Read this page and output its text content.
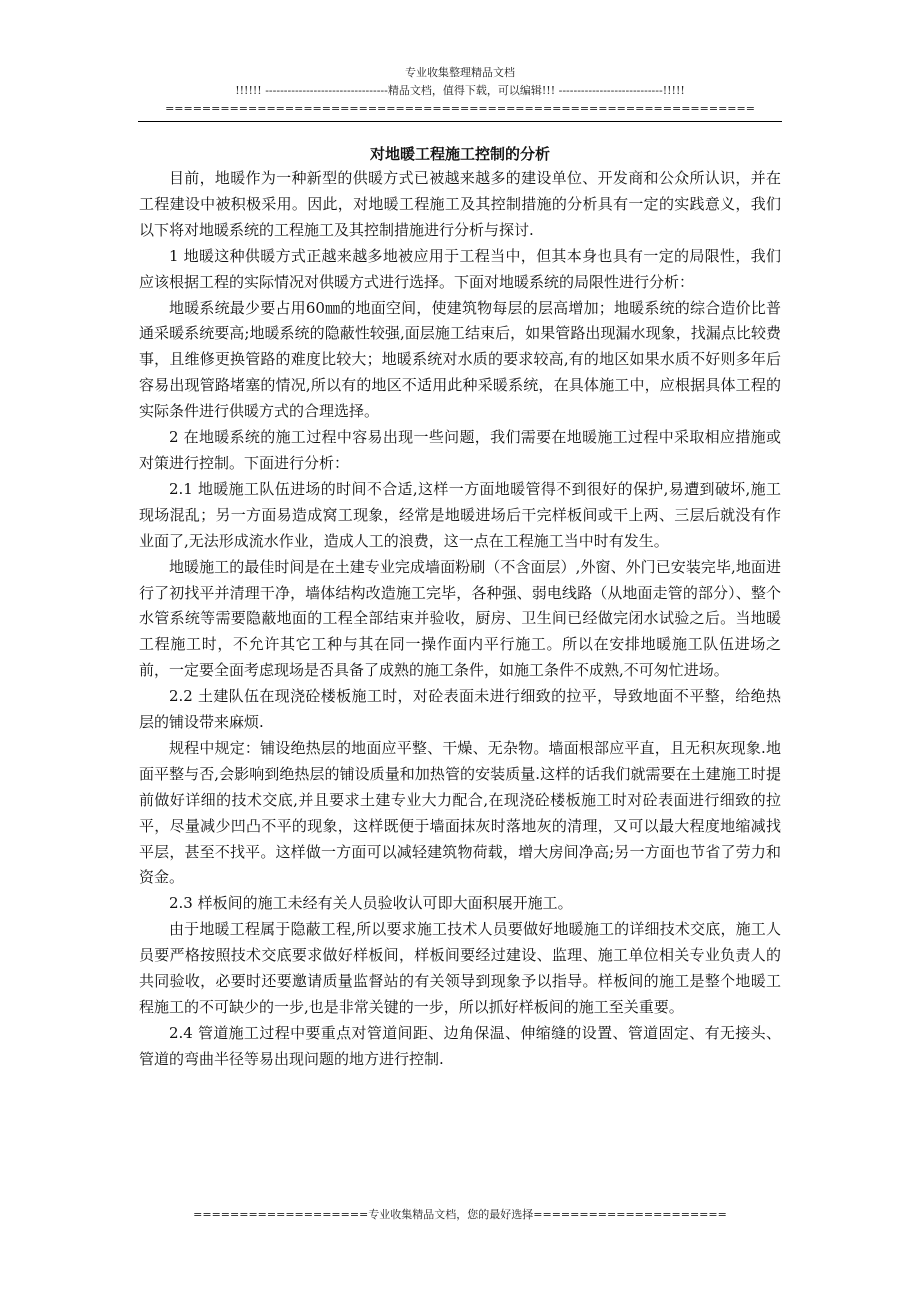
专业收集整理精品文档
!!!!!! ---------------------------------精品文档，值得下载，可以编辑!!! ----------------------------!!!!!
================================================================
对地暖工程施工控制的分析

目前，地暖作为一种新型的供暖方式已被越来越多的建设单位、开发商和公众所认识，并在工程建设中被积极采用。因此，对地暖工程施工及其控制措施的分析具有一定的实践意义，我们以下将对地暖系统的工程施工及其控制措施进行分析与探讨.

1 地暖这种供暖方式正越来越多地被应用于工程当中，但其本身也具有一定的局限性，我们应该根据工程的实际情况对供暖方式进行选择。下面对地暖系统的局限性进行分析：

地暖系统最少要占用60㎜的地面空间，使建筑物每层的层高增加；地暖系统的综合造价比普通采暖系统要高;地暖系统的隐蔽性较强,面层施工结束后，如果管路出现漏水现象，找漏点比较费事，且维修更换管路的难度比较大；地暖系统对水质的要求较高,有的地区如果水质不好则多年后容易出现管路堵塞的情况,所以有的地区不适用此种采暖系统，在具体施工中，应根据具体工程的实际条件进行供暖方式的合理选择。

2 在地暖系统的施工过程中容易出现一些问题，我们需要在地暖施工过程中采取相应措施或对策进行控制。下面进行分析：

2.1 地暖施工队伍进场的时间不合适,这样一方面地暖管得不到很好的保护,易遭到破坏,施工现场混乱；另一方面易造成窝工现象，经常是地暖进场后干完样板间或干上两、三层后就没有作业面了,无法形成流水作业，造成人工的浪费，这一点在工程施工当中时有发生。

地暖施工的最佳时间是在土建专业完成墙面粉刷（不含面层）,外窗、外门已安装完毕,地面进行了初找平并清理干净，墙体结构改造施工完毕，各种强、弱电线路（从地面走管的部分）、整个水管系统等需要隐蔽地面的工程全部结束并验收，厨房、卫生间已经做完闭水试验之后。当地暖工程施工时，不允许其它工种与其在同一操作面内平行施工。所以在安排地暖施工队伍进场之前，一定要全面考虑现场是否具备了成熟的施工条件，如施工条件不成熟,不可匆忙进场。

2.2 土建队伍在现浇砼楼板施工时，对砼表面未进行细致的拉平，导致地面不平整，给绝热层的铺设带来麻烦.

规程中规定：铺设绝热层的地面应平整、干燥、无杂物。墙面根部应平直，且无积灰现象.地面平整与否,会影响到绝热层的铺设质量和加热管的安装质量.这样的话我们就需要在土建施工时提前做好详细的技术交底,并且要求土建专业大力配合,在现浇砼楼板施工时对砼表面进行细致的拉平，尽量减少凹凸不平的现象，这样既便于墙面抹灰时落地灰的清理，又可以最大程度地缩减找平层，甚至不找平。这样做一方面可以减轻建筑物荷载，增大房间净高;另一方面也节省了劳力和资金。

2.3 样板间的施工未经有关人员验收认可即大面积展开施工。

由于地暖工程属于隐蔽工程,所以要求施工技术人员要做好地暖施工的详细技术交底，施工人员要严格按照技术交底要求做好样板间，样板间要经过建设、监理、施工单位相关专业负责人的共同验收，必要时还要邀请质量监督站的有关领导到现象予以指导。样板间的施工是整个地暖工程施工的不可缺少的一步,也是非常关键的一步，所以抓好样板间的施工至关重要。

2.4 管道施工过程中要重点对管道间距、边角保温、伸缩缝的设置、管道固定、有无接头、管道的弯曲半径等易出现问题的地方进行控制.

===================专业收集精品文档，您的最好选择=====================
